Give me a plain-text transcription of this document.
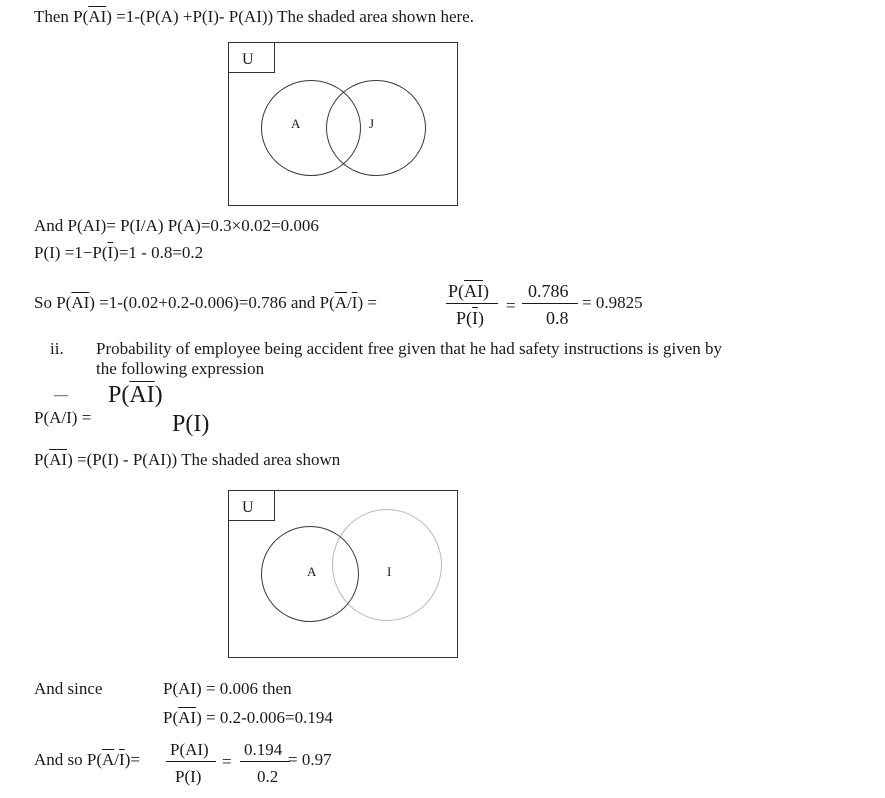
Then $P(\overline{AI}) =1-(P(A) +P(I)-$ P(AI)) The shaded area shown here.
U
A	J
And P(AI)= P(I/A) P(A)=0.3×0.02=0.006
$P(I) =1-P(\overline{I})=1 - 0.8=0.2$
So $P(\overline{AI}) =1-(0.02+0.2-0.006)=0.786$ and $P(\overline{A}/\overline{I})$ =
$P(\overline{AI})$
$P(\overline{I})$
=
0.786
0.8
= 0.9825
ii. Probability of employee being accident free given that he had safety instructions is given by
the following expression
—
P(A/I) =
$P(\overline{AI})$
P(I)
$P(\overline{AI}) =(P(I) - P(AI))$ The shaded area shown
U
A	I
And since	P(AI) = 0.006 then
$P(\overline{AI}) = 0.2-0.006=0.194$
And so $P(\overline{A}/\overline{I})=$
P(AI)
P(I)
=
0.194
0.2
= 0.97
